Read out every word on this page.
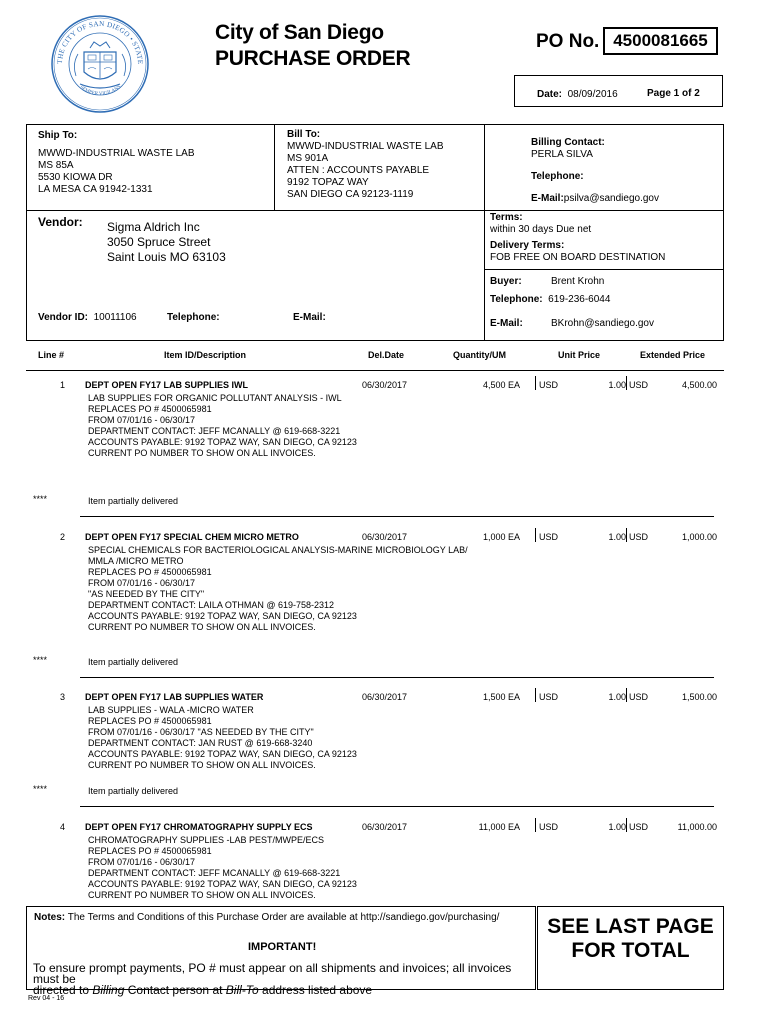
THE CITY OF SAN DIEGO • STATE
SEMPER VIGILANS
City of San Diego
PURCHASE ORDER
PO No. 4500081665
Date: 08/09/2016	Page 1 of 2
Ship To:
MWWD-INDUSTRIAL WASTE LAB
MS 85A
5530 KIOWA DR
LA MESA CA 91942-1331
Bill To:
MWWD-INDUSTRIAL WASTE LAB
MS 901A
ATTEN : ACCOUNTS PAYABLE
9192 TOPAZ WAY
SAN DIEGO CA 92123-1119
Billing Contact:
PERLA SILVA
Telephone:
E-Mail:psilva@sandiego.gov
Vendor: Sigma Aldrich Inc
3050 Spruce Street
Saint Louis MO 63103
Vendor ID: 10011106	Telephone:	E-Mail:
Terms:
within 30 days Due net
Delivery Terms:
FOB FREE ON BOARD DESTINATION
Buyer:	Brent Krohn
Telephone: 619-236-6044
E-Mail:	BKrohn@sandiego.gov
Line #	Item ID/Description	Del.Date	Quantity/UM	Unit Price	Extended Price
1 DEPT OPEN FY17 LAB SUPPLIES IWL	06/30/2017	4,500 EA USD	1.00 USD	4,500.00
LAB SUPPLIES FOR ORGANIC POLLUTANT ANALYSIS - IWL
REPLACES PO # 4500065981
FROM 07/01/16 - 06/30/17
DEPARTMENT CONTACT: JEFF MCANALLY @ 619-668-3221
ACCOUNTS PAYABLE: 9192 TOPAZ WAY, SAN DIEGO, CA 92123
CURRENT PO NUMBER TO SHOW ON ALL INVOICES.
****	Item partially delivered
2 DEPT OPEN FY17 SPECIAL CHEM MICRO METRO	06/30/2017	1,000 EA USD	1.00 USD	1,000.00
SPECIAL CHEMICALS FOR BACTERIOLOGICAL ANALYSIS-MARINE MICROBIOLOGY LAB/
MMLA /MICRO METRO
REPLACES PO # 4500065981
FROM 07/01/16 - 06/30/17
"AS NEEDED BY THE CITY"
DEPARTMENT CONTACT: LAILA OTHMAN @ 619-758-2312
ACCOUNTS PAYABLE: 9192 TOPAZ WAY, SAN DIEGO, CA 92123
CURRENT PO NUMBER TO SHOW ON ALL INVOICES.
****	Item partially delivered
3 DEPT OPEN FY17 LAB SUPPLIES WATER	06/30/2017	1,500 EA USD	1.00 USD	1,500.00
LAB SUPPLIES - WALA -MICRO WATER
REPLACES PO # 4500065981
FROM 07/01/16 - 06/30/17 "AS NEEDED BY THE CITY"
DEPARTMENT CONTACT: JAN RUST @ 619-668-3240
ACCOUNTS PAYABLE: 9192 TOPAZ WAY, SAN DIEGO, CA 92123
CURRENT PO NUMBER TO SHOW ON ALL INVOICES.
****	Item partially delivered
4 DEPT OPEN FY17 CHROMATOGRAPHY SUPPLY ECS	06/30/2017	11,000 EA USD	1.00 USD	11,000.00
CHROMATOGRAPHY SUPPLIES -LAB PEST/MWPE/ECS
REPLACES PO # 4500065981
FROM 07/01/16 - 06/30/17
DEPARTMENT CONTACT: JEFF MCANALLY @ 619-668-3221
ACCOUNTS PAYABLE: 9192 TOPAZ WAY, SAN DIEGO, CA 92123
CURRENT PO NUMBER TO SHOW ON ALL INVOICES.
Notes: The Terms and Conditions of this Purchase Order are available at http://sandiego.gov/purchasing/
IMPORTANT!
To ensure prompt payments, PO # must appear on all shipments and invoices; all invoices must be
directed to Billing Contact person at Bill-To address listed above
SEE LAST PAGE
FOR TOTAL
Rev 04 - 16
